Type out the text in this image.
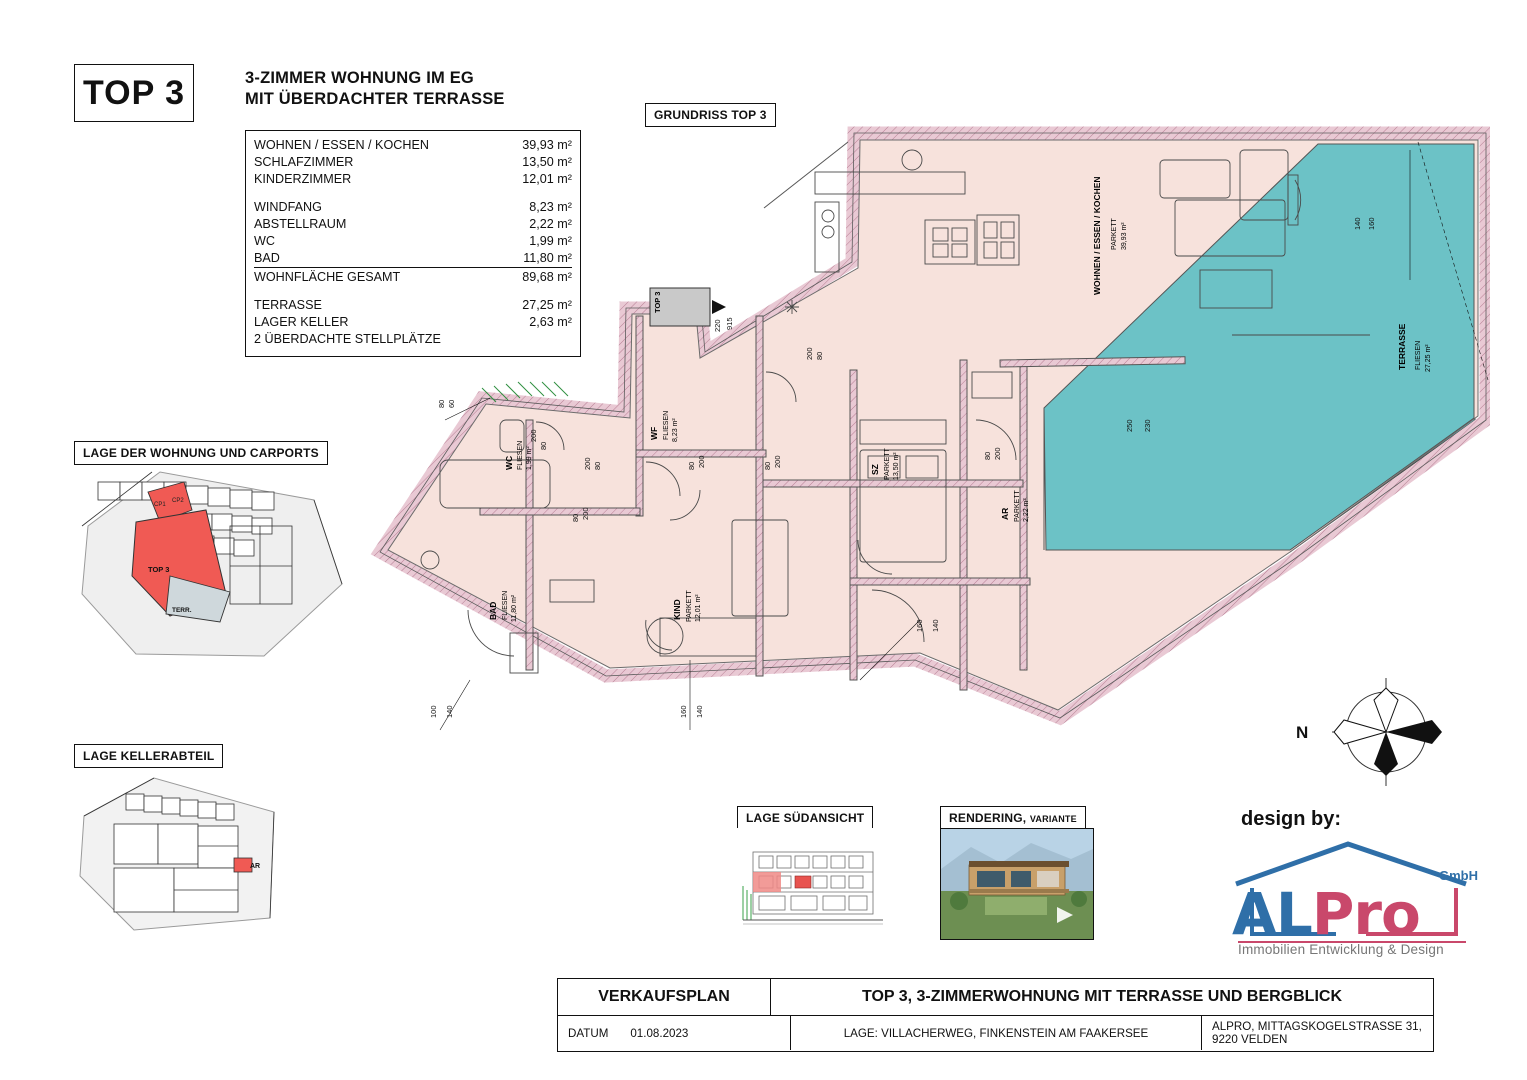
TOP 3	3-ZIMMER WOHNUNG IM EG
MIT ÜBERDACHTER TERRASSE
WOHNEN / ESSEN / KOCHEN	39,93 m²
SCHLAFZIMMER	13,50 m²
KINDERZIMMER	12,01 m²
WINDFANG	8,23 m²
ABSTELLRAUM	2,22 m²
WC	1,99 m²
BAD	11,80 m²
WOHNFLÄCHE GESAMT	89,68 m²
TERRASSE	27,25 m²
LAGER KELLER	2,63 m²
2 ÜBERDACHTE STELLPLÄTZE
GRUNDRISS TOP 3
LAGE DER WOHNUNG UND CARPORTS
LAGE KELLERABTEIL
LAGE SÜDANSICHT	RENDERING, VARIANTE
TOP 3
WOHNEN / ESSEN / KOCHEN PARKETT 39,93 m²
TERRASSE FLIESEN 27,25 m²
WF FLIESEN 8,23 m²
WC FLIESEN 1,99 m²
BAD FLIESEN 11,80 m²	KIND PARKETT 12,01 m²
SZ PARKETT 13,50 m²
AR PARKETT 2,22 m²
80 60
200
80
80 200
200 80	80 200
220 915
200 80
80 200	80 200
100 140	160 140
160 140
250 230
140 160
CP1
CP2
TOP 3
TERR.
AR
N
design by:
ALPro
GmbH
Immobilien Entwicklung & Design
VERKAUFSPLAN	TOP 3, 3-ZIMMERWOHNUNG MIT TERRASSE UND BERGBLICK
DATUM 01.08.2023	LAGE: VILLACHERWEG, FINKENSTEIN AM FAAKERSEE	ALPRO, MITTAGSKOGELSTRASSE 31, 9220 VELDEN
